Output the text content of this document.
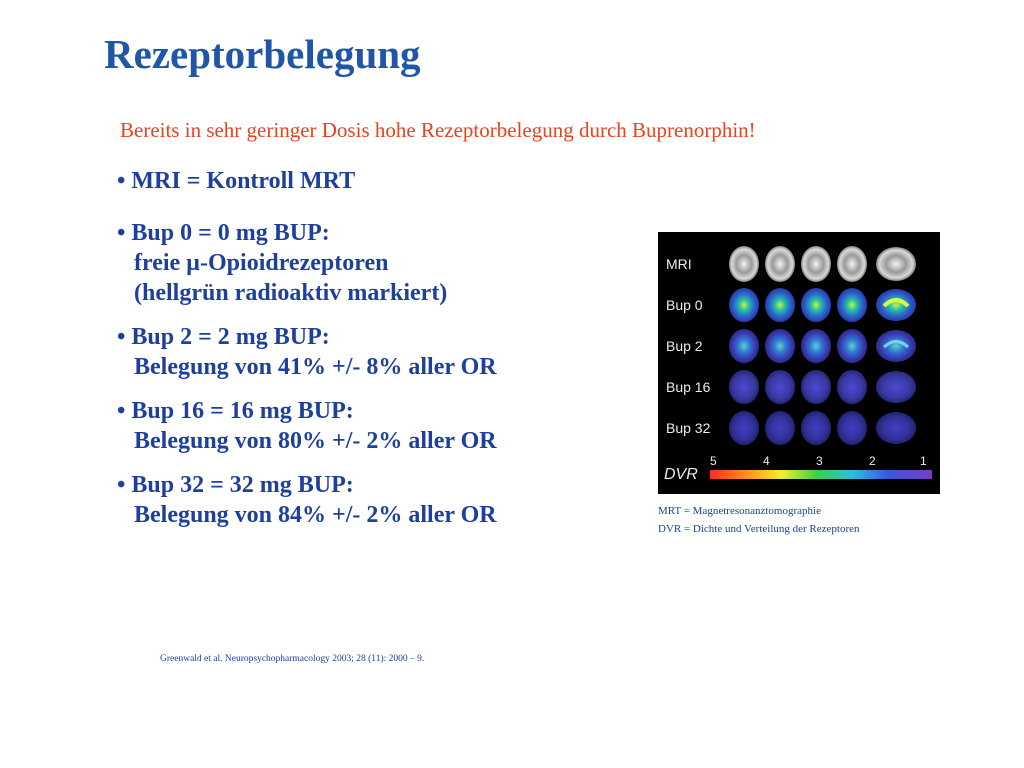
Rezeptorbelegung
Bereits in sehr geringer Dosis hohe Rezeptorbelegung durch Buprenorphin!
• MRI = Kontroll MRT
• Bup 0 = 0 mg BUP:
freie µ-Opioidrezeptoren
(hellgrün radioaktiv markiert)
• Bup 2 = 2 mg BUP:
Belegung von 41% +/- 8% aller OR
• Bup 16 = 16 mg BUP:
Belegung von 80% +/- 2% aller OR
• Bup 32 = 32 mg BUP:
Belegung von 84% +/- 2% aller OR
MRI
Bup 0
Bup 2
Bup 16
Bup 32
DVR
5	4	3	2	1
MRT = Magnetresonanztomographie
DVR = Dichte und Verteilung der Rezeptoren
Greenwald et al. Neuropsychopharmacology 2003; 28 (11): 2000 – 9.
